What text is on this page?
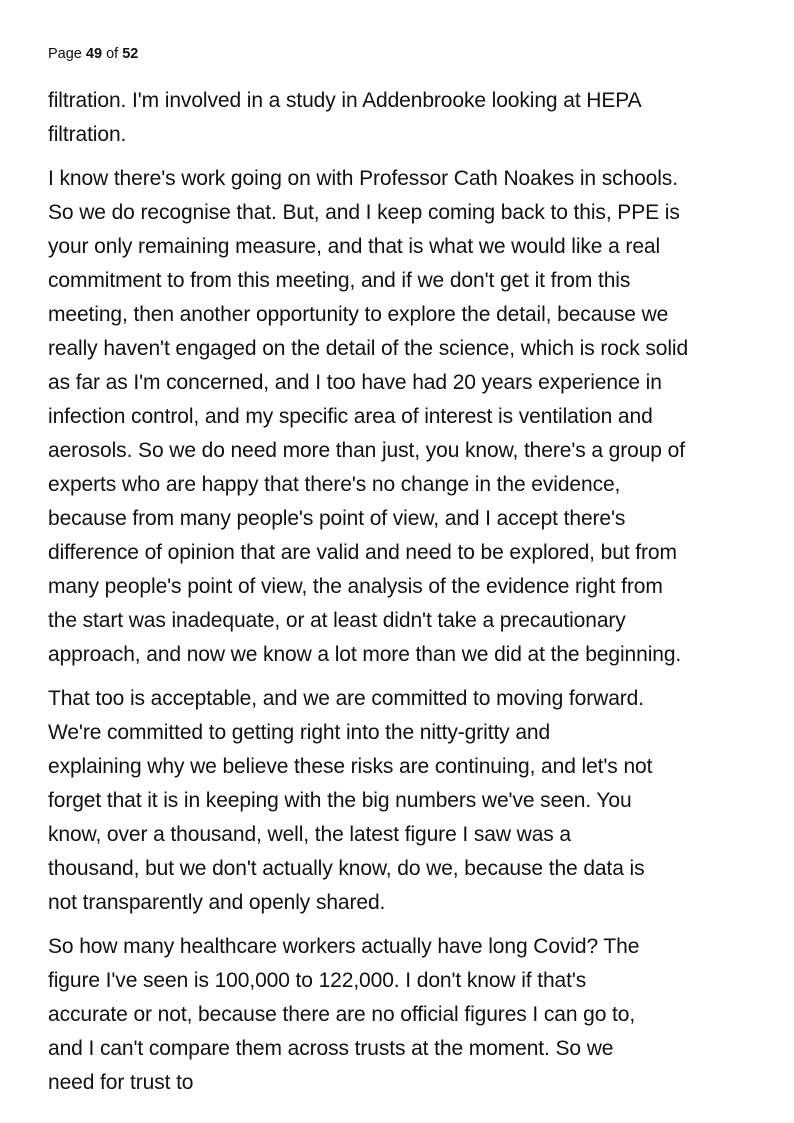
Page 49 of 52
filtration. I'm involved in a study in Addenbrooke looking at HEPA
filtration.
I know there's work going on with Professor Cath Noakes in schools.
So we do recognise that. But, and I keep coming back to this, PPE is
your only remaining measure, and that is what we would like a real
commitment to from this meeting, and if we don't get it from this
meeting, then another opportunity to explore the detail, because we
really haven't engaged on the detail of the science, which is rock solid
as far as I'm concerned, and I too have had 20 years experience in
infection control, and my specific area of interest is ventilation and
aerosols. So we do need more than just, you know, there's a group of
experts who are happy that there's no change in the evidence,
because from many people's point of view, and I accept there's
difference of opinion that are valid and need to be explored, but from
many people's point of view, the analysis of the evidence right from
the start was inadequate, or at least didn't take a precautionary
approach, and now we know a lot more than we did at the beginning.
That too is acceptable, and we are committed to moving forward.
We're committed to getting right into the nitty-gritty and
explaining why we believe these risks are continuing, and let's not
forget that it is in keeping with the big numbers we've seen. You
know, over a thousand, well, the latest figure I saw was a
thousand, but we don't actually know, do we, because the data is
not transparently and openly shared.
So how many healthcare workers actually have long Covid? The
figure I've seen is 100,000 to 122,000. I don't know if that's
accurate or not, because there are no official figures I can go to,
and I can't compare them across trusts at the moment. So we
need for trust to
